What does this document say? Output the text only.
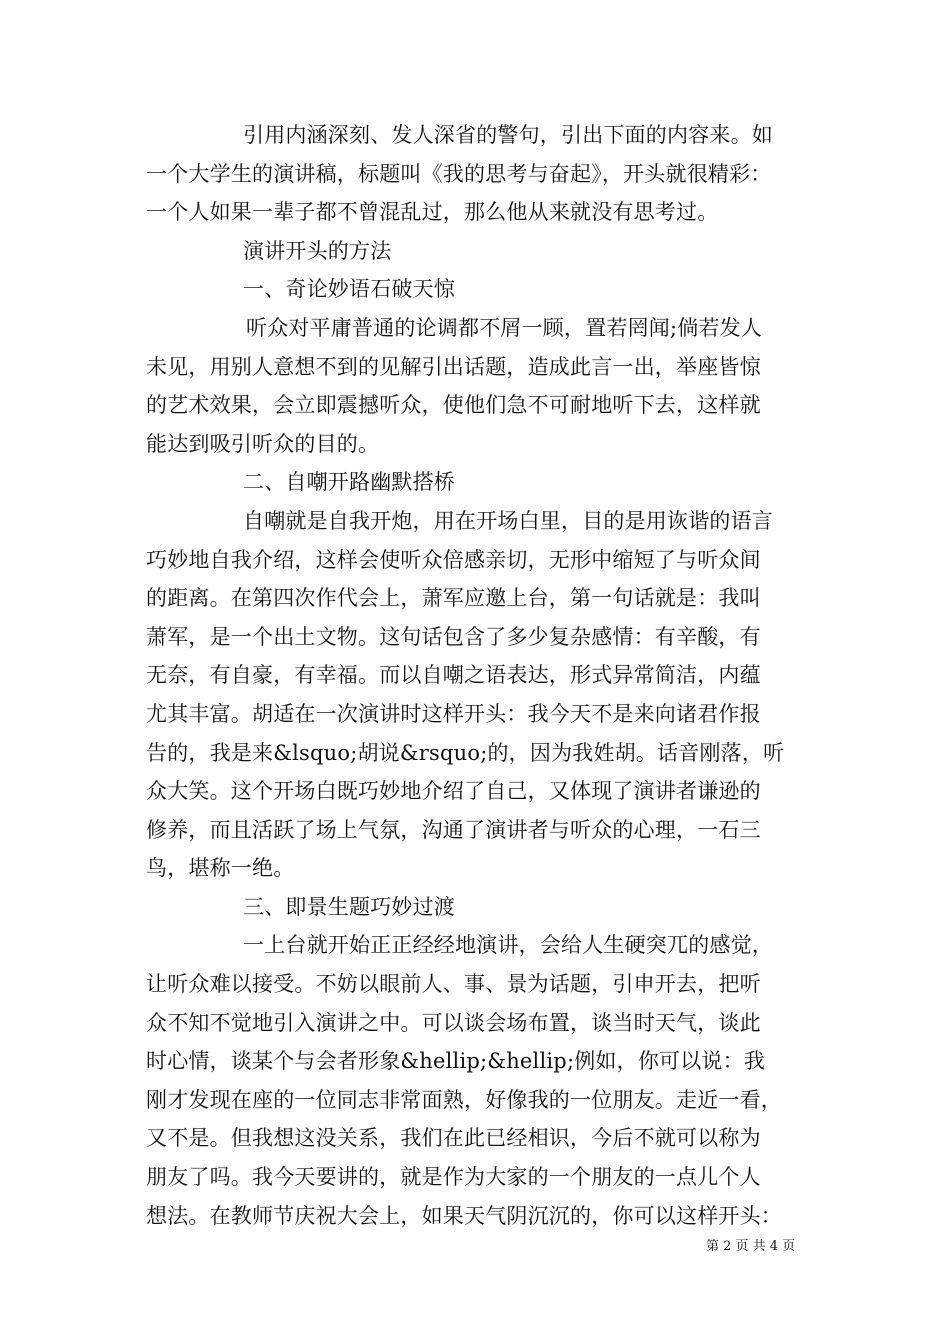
引用内涵深刻、发人深省的警句，引出下面的内容来。如
一个大学生的演讲稿，标题叫《我的思考与奋起》，开头就很精彩：
一个人如果一辈子都不曾混乱过，那么他从来就没有思考过。
演讲开头的方法
一、奇论妙语石破天惊
听众对平庸普通的论调都不屑一顾，置若罔闻;倘若发人
未见，用别人意想不到的见解引出话题，造成此言一出，举座皆惊
的艺术效果，会立即震撼听众，使他们急不可耐地听下去，这样就
能达到吸引听众的目的。
二、自嘲开路幽默搭桥
自嘲就是自我开炮，用在开场白里，目的是用诙谐的语言
巧妙地自我介绍，这样会使听众倍感亲切，无形中缩短了与听众间
的距离。在第四次作代会上，萧军应邀上台，第一句话就是：我叫
萧军，是一个出土文物。这句话包含了多少复杂感情：有辛酸，有
无奈，有自豪，有幸福。而以自嘲之语表达，形式异常简洁，内蕴
尤其丰富。胡适在一次演讲时这样开头：我今天不是来向诸君作报
告的，我是来&lsquo;胡说&rsquo;的，因为我姓胡。话音刚落，听
众大笑。这个开场白既巧妙地介绍了自己，又体现了演讲者谦逊的
修养，而且活跃了场上气氛，沟通了演讲者与听众的心理，一石三
鸟，堪称一绝。
三、即景生题巧妙过渡
一上台就开始正正经经地演讲，会给人生硬突兀的感觉，
让听众难以接受。不妨以眼前人、事、景为话题，引申开去，把听
众不知不觉地引入演讲之中。可以谈会场布置，谈当时天气，谈此
时心情，谈某个与会者形象&hellip;&hellip;例如，你可以说：我
刚才发现在座的一位同志非常面熟，好像我的一位朋友。走近一看，
又不是。但我想这没关系，我们在此已经相识，今后不就可以称为
朋友了吗。我今天要讲的，就是作为大家的一个朋友的一点儿个人
想法。在教师节庆祝大会上，如果天气阴沉沉的，你可以这样开头：
第 2 页 共 4 页
